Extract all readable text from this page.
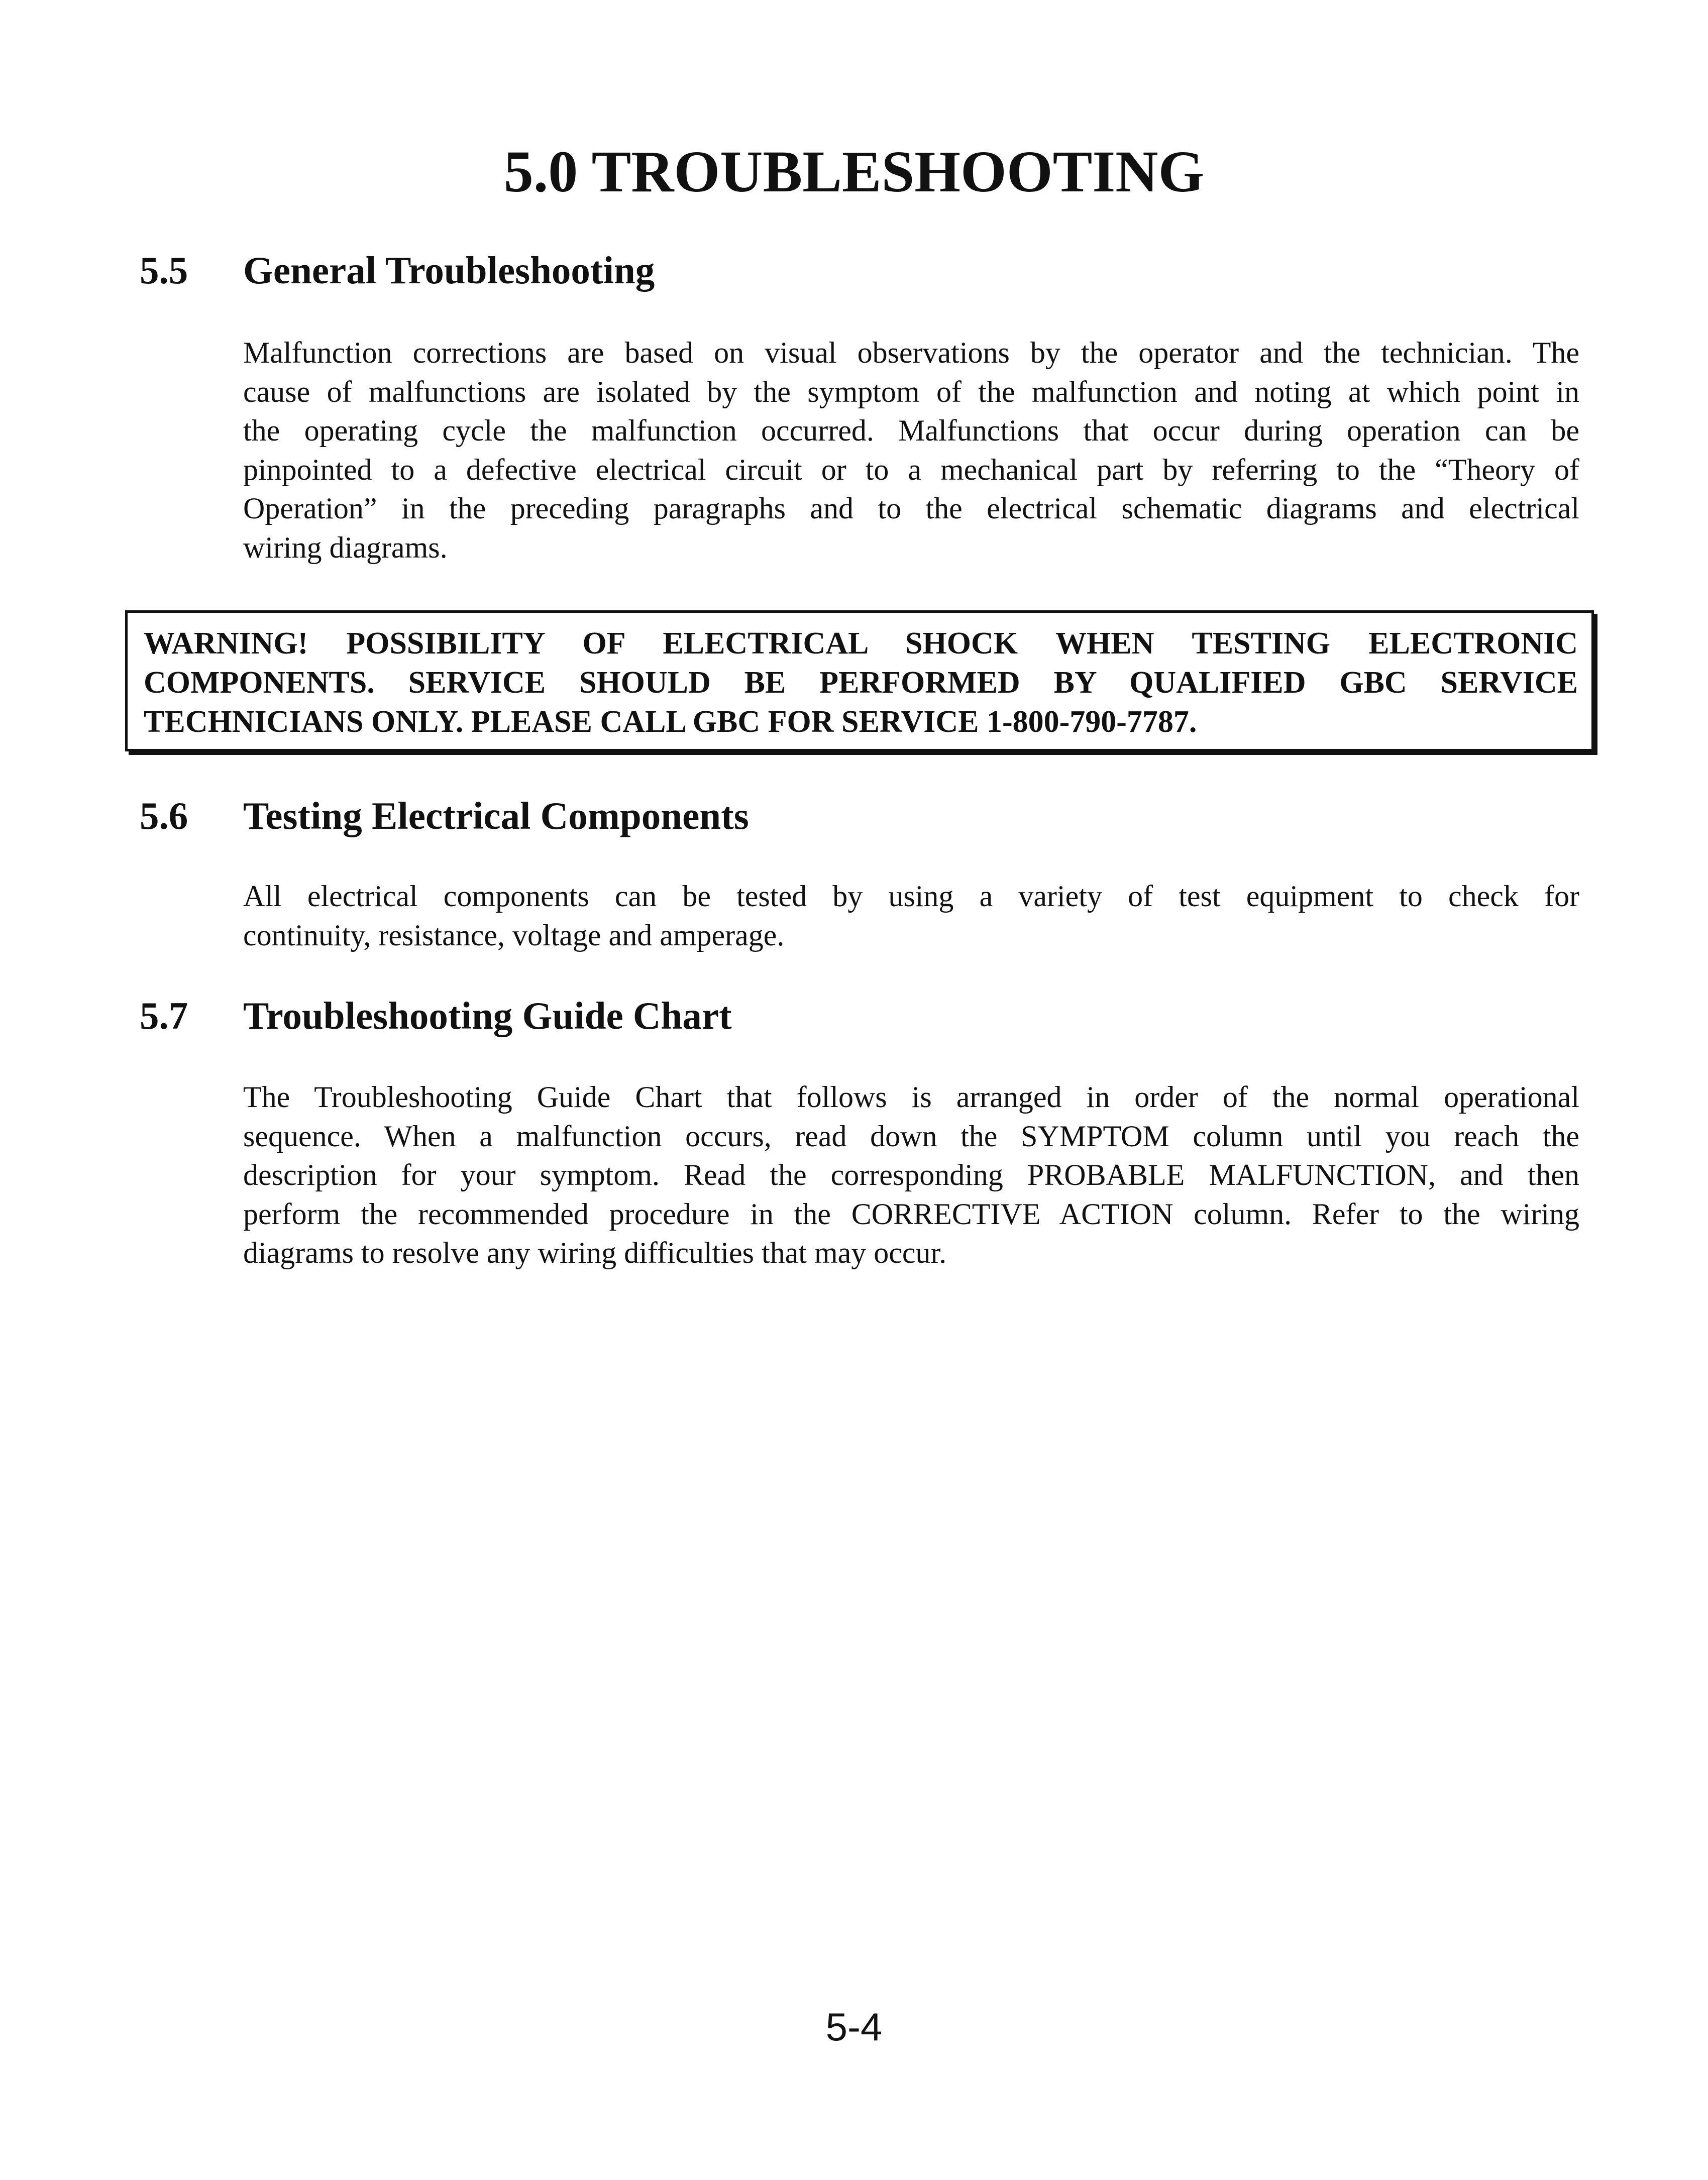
5.0 TROUBLESHOOTING
5.5 General Troubleshooting

Malfunction corrections are based on visual observations by the operator and the technician. The
cause of malfunctions are isolated by the symptom of the malfunction and noting at which point in
the operating cycle the malfunction occurred. Malfunctions that occur during operation can be
pinpointed to a defective electrical circuit or to a mechanical part by referring to the “Theory of
Operation” in the preceding paragraphs and to the electrical schematic diagrams and electrical
wiring diagrams.

WARNING! POSSIBILITY OF ELECTRICAL SHOCK WHEN TESTING ELECTRONIC
COMPONENTS. SERVICE SHOULD BE PERFORMED BY QUALIFIED GBC SERVICE
TECHNICIANS ONLY. PLEASE CALL GBC FOR SERVICE 1-800-790-7787.

5.6 Testing Electrical Components

All electrical components can be tested by using a variety of test equipment to check for
continuity, resistance, voltage and amperage.

5.7 Troubleshooting Guide Chart

The Troubleshooting Guide Chart that follows is arranged in order of the normal operational
sequence. When a malfunction occurs, read down the SYMPTOM column until you reach the
description for your symptom. Read the corresponding PROBABLE MALFUNCTION, and then
perform the recommended procedure in the CORRECTIVE ACTION column. Refer to the wiring
diagrams to resolve any wiring difficulties that may occur.

5-4
